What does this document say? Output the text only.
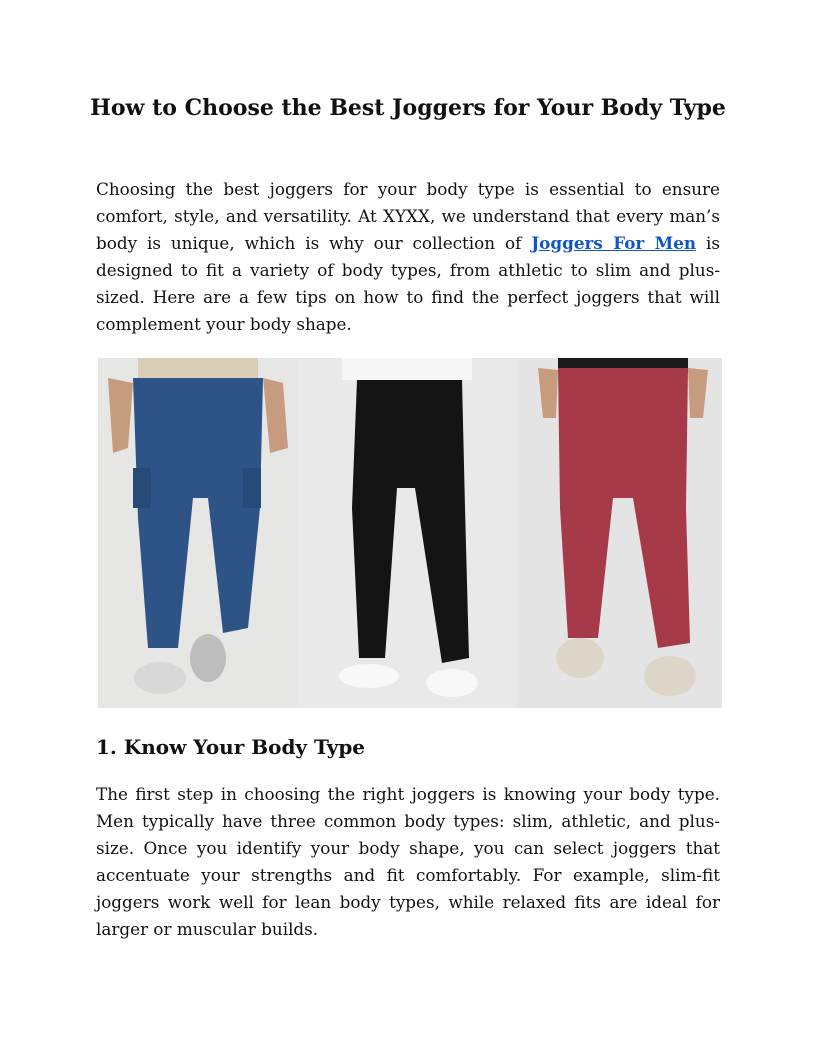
How to Choose the Best Joggers for Your Body Type

Choosing the best joggers for your body type is essential to ensure comfort, style, and versatility. At XYXX, we understand that every man’s body is unique, which is why our collection of Joggers For Men is designed to fit a variety of body types, from athletic to slim and plus-sized. Here are a few tips on how to find the perfect joggers that will complement your body shape.

1. Know Your Body Type

The first step in choosing the right joggers is knowing your body type. Men typically have three common body types: slim, athletic, and plus-size. Once you identify your body shape, you can select joggers that accentuate your strengths and fit comfortably. For example, slim-fit joggers work well for lean body types, while relaxed fits are ideal for larger or muscular builds.
